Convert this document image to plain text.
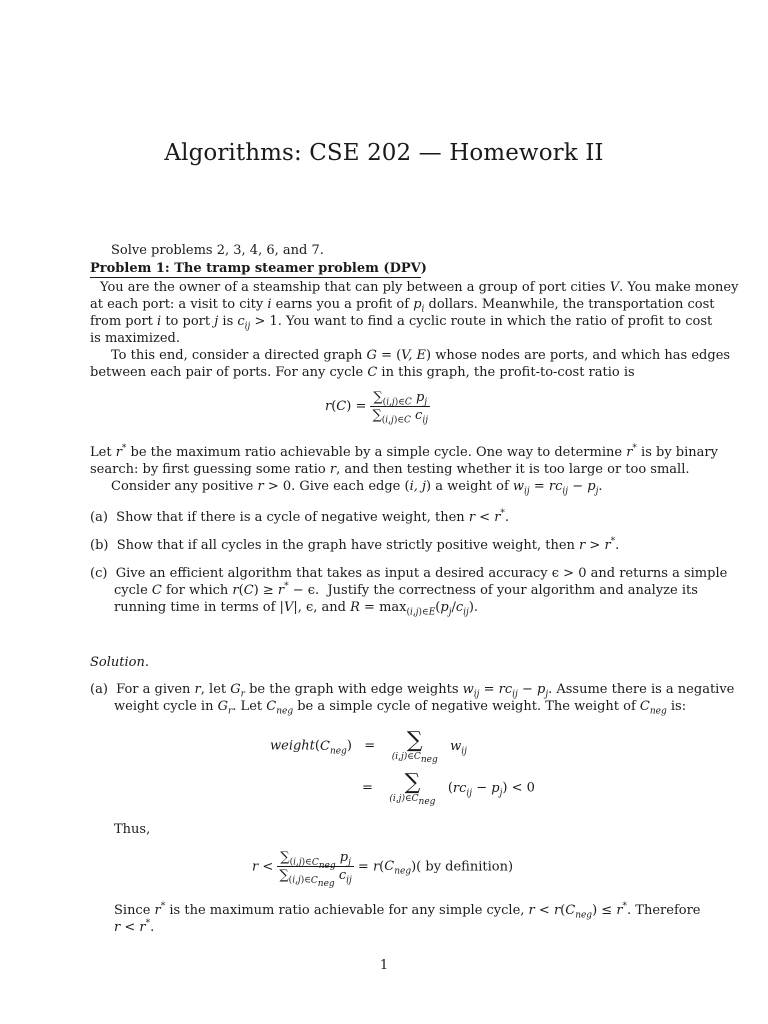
Algorithms: CSE 202 — Homework II
Solve problems 2, 3, 4, 6, and 7.
Problem 1: The tramp steamer problem (DPV)
You are the owner of a steamship that can ply between a group of port cities V. You make money
at each port: a visit to city i earns you a profit of $p_i$ dollars. Meanwhile, the transportation cost
from port i to port j is $c_{ij} > 1$. You want to find a cyclic route in which the ratio of profit to cost
is maximized.
To this end, consider a directed graph G = (V, E) whose nodes are ports, and which has edges
between each pair of ports. For any cycle C in this graph, the profit-to-cost ratio is
$r(C) = \frac{\sum_{(i,j)\in C} p_j}{\sum_{(i,j)\in C} c_{ij}}$
Let r* be the maximum ratio achievable by a simple cycle. One way to determine r* is by binary
search: by first guessing some ratio r, and then testing whether it is too large or too small.
Consider any positive r > 0. Give each edge (i, j) a weight of $w_{ij} = rc_{ij} - p_j$.
(a)  Show that if there is a cycle of negative weight, then r < r*.
(b)  Show that if all cycles in the graph have strictly positive weight, then r > r*.
(c)  Give an efficient algorithm that takes as input a desired accuracy ϵ > 0 and returns a simple
cycle C for which r(C) ≥ r* − ϵ.  Justify the correctness of your algorithm and analyze its
running time in terms of |V|, ϵ, and $R = \max_{(i,j)\in E}(p_j/c_{ij})$.
Solution.
(a)  For a given r, let $G_r$ be the graph with edge weights $w_{ij} = rc_{ij} - p_j$. Assume there is a negative
weight cycle in $G_r$. Let $C_{neg}$ be a simple cycle of negative weight. The weight of $C_{neg}$ is:
$weight(C_{neg})$   = ∑
$(i,j)\in C_{neg}$
$w_{ij}$
= ∑
$(i,j)\in C_{neg}$
$(rc_{ij} - p_j) < 0$
Thus,
$r < \frac{\sum_{(i,j)\in C_{neg}} p_j}{\sum_{(i,j)\in C_{neg}} c_{ij}} = r(C_{neg})$( by definition)
Since r* is the maximum ratio achievable for any simple cycle, $r < r(C_{neg}) \le r^*$. Therefore
r < r*.
1
